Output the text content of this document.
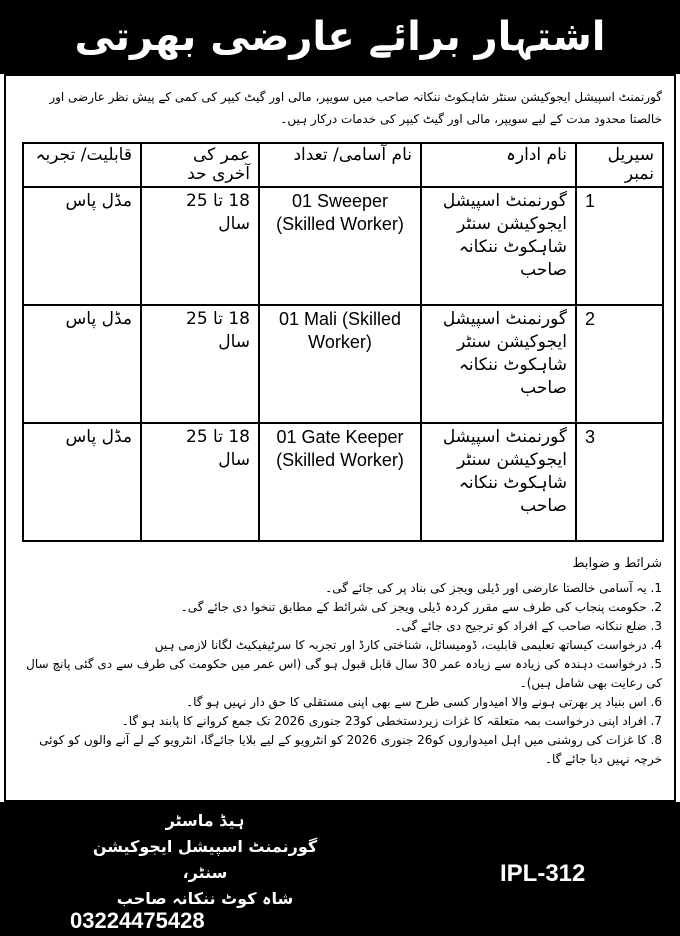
اشتہار برائے عارضی بھرتی

گورنمنٹ اسپیشل ایجوکیشن سنٹر شاہکوٹ ننکانہ صاحب میں سویپر، مالی اور گیٹ کیپر کی کمی کے پیش نظر عارضی اور خالصتا محدود مدت کے لیے سویپر، مالی اور گیٹ کیپر کی خدمات درکار ہیں۔

سیریل نمبر	نام ادارہ	نام آسامی/ تعداد	عمر کی آخری حد	قابلیت/ تجربہ
1	گورنمنٹ اسپیشل ایجوکیشن سنٹر شاہکوٹ ننکانہ صاحب	01 Sweeper (Skilled Worker)	18 تا 25 سال	مڈل پاس
2	گورنمنٹ اسپیشل ایجوکیشن سنٹر شاہکوٹ ننکانہ صاحب	01 Mali (Skilled Worker)	18 تا 25 سال	مڈل پاس
3	گورنمنٹ اسپیشل ایجوکیشن سنٹر شاہکوٹ ننکانہ صاحب	01 Gate Keeper (Skilled Worker)	18 تا 25 سال	مڈل پاس
شرائط و ضوابط

1. یہ آسامی خالصتا عارضی اور ڈیلی ویجز کی بناد پر کی جائے گی۔

2. حکومت پنجاب کی طرف سے مقرر کردہ ڈیلی ویجز کی شرائط کے مطابق تنخوا دی جائے گی۔

3. ضلع ننکانہ صاحب کے افراد کو ترجیح دی جائے گی۔

4. درخواست کیساتھ تعلیمی قابلیت، ڈومیسائل، شناختی کارڈ اور تجربہ کا سرٹیفیکیٹ لگانا لازمی ہیں

5. درخواست دہندہ کی زیادہ سے زیادہ عمر 30 سال قابل قبول ہو گی (اس عمر میں حکومت کی طرف سے دی گئی پانچ سال کی رعایت بھی شامل ہیں)۔

6. اس بنیاد پر بھرتی ہونے والا امیدوار کسی طرح سے بھی اپنی مستقلی کا حق دار نہیں ہو گا۔

7. افراد اپنی درخواست بمہ متعلقہ کا غزات زیردستخطی کو23 جنوری 2026 تک جمع کروانے کا پابند ہو گا۔

8. کا غزات کی روشنی میں اہل امیدواروں کو26 جنوری 2026 کو انٹرویو کے لیے بلایا جائےگا، انٹرویو کے لے آنے والوں کو کوئی خرچہ نہیں دیا جائے گا۔

ہیڈ ماسٹر
گورنمنٹ اسپیشل ایجوکیشن سنٹر،
شاہ کوٹ ننکانہ صاحب
03224475428
IPL-312
